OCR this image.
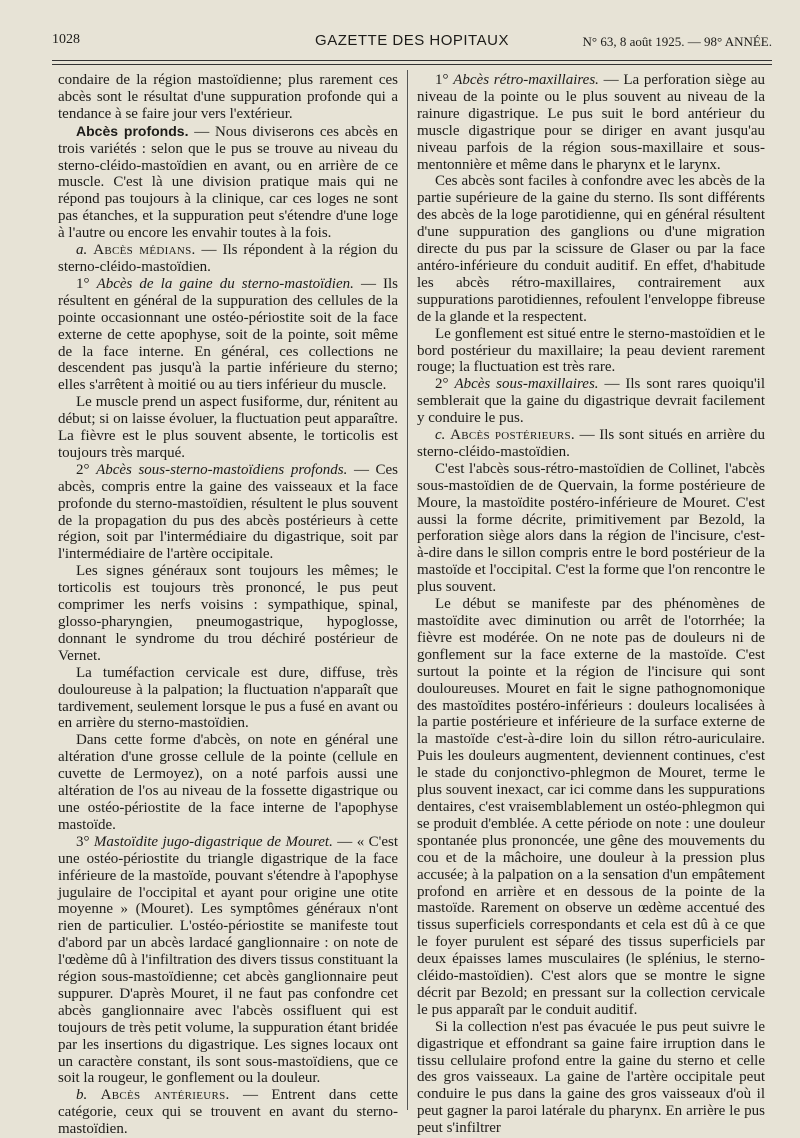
1028	GAZETTE DES HOPITAUX	N° 63, 8 août 1925. — 98° ANNÉE.

condaire de la région mastoïdienne; plus rarement ces abcès sont le résultat d'une suppuration profonde qui a tendance à se faire jour vers l'extérieur.

Abcès profonds. — Nous diviserons ces abcès en trois variétés : selon que le pus se trouve au niveau du sterno-cléido-mastoïdien en avant, ou en arrière de ce muscle. C'est là une division pratique mais qui ne répond pas toujours à la clinique, car ces loges ne sont pas étanches, et la suppuration peut s'étendre d'une loge à l'autre ou encore les envahir toutes à la fois.

a. Abcès médians. — Ils répondent à la région du sterno-cléido-mastoïdien.

1° Abcès de la gaine du sterno-mastoïdien. — Ils résultent en général de la suppuration des cellules de la pointe occasionnant une ostéo-périostite soit de la face externe de cette apophyse, soit de la pointe, soit même de la face interne. En général, ces collections ne descendent pas jusqu'à la partie inférieure du sterno; elles s'arrêtent à moitié ou au tiers inférieur du muscle.

Le muscle prend un aspect fusiforme, dur, rénitent au début; si on laisse évoluer, la fluctuation peut apparaître. La fièvre est le plus souvent absente, le torticolis est toujours très marqué.

2° Abcès sous-sterno-mastoïdiens profonds. — Ces abcès, compris entre la gaine des vaisseaux et la face profonde du sterno-mastoïdien, résultent le plus souvent de la propagation du pus des abcès postérieurs à cette région, soit par l'intermédiaire du digastrique, soit par l'intermédiaire de l'artère occipitale.

Les signes généraux sont toujours les mêmes; le torticolis est toujours très prononcé, le pus peut comprimer les nerfs voisins : sympathique, spinal, glosso-pharyngien, pneumogastrique, hypoglosse, donnant le syndrome du trou déchiré postérieur de Vernet.

La tuméfaction cervicale est dure, diffuse, très douloureuse à la palpation; la fluctuation n'apparaît que tardivement, seulement lorsque le pus a fusé en avant ou en arrière du sterno-mastoïdien.

Dans cette forme d'abcès, on note en général une altération d'une grosse cellule de la pointe (cellule en cuvette de Lermoyez), on a noté parfois aussi une altération de l'os au niveau de la fossette digastrique ou une ostéo-périostite de la face interne de l'apophyse mastoïde.

3° Mastoïdite jugo-digastrique de Mouret. — « C'est une ostéo-périostite du triangle digastrique de la face inférieure de la mastoïde, pouvant s'étendre à l'apophyse jugulaire de l'occipital et ayant pour origine une otite moyenne » (Mouret). Les symptômes généraux n'ont rien de particulier. L'ostéo-périostite se manifeste tout d'abord par un abcès lardacé ganglionnaire : on note de l'œdème dû à l'infiltration des divers tissus constituant la région sous-mastoïdienne; cet abcès ganglionnaire peut suppurer. D'après Mouret, il ne faut pas confondre cet abcès ganglionnaire avec l'abcès ossifluent qui est toujours de très petit volume, la suppuration étant bridée par les insertions du digastrique. Les signes locaux ont un caractère constant, ils sont sous-mastoïdiens, que ce soit la rougeur, le gonflement ou la douleur.

b. Abcès antérieurs. — Entrent dans cette catégorie, ceux qui se trouvent en avant du sterno-mastoïdien.

1° Abcès rétro-maxillaires. — La perforation siège au niveau de la pointe ou le plus souvent au niveau de la rainure digastrique. Le pus suit le bord antérieur du muscle digastrique pour se diriger en avant jusqu'au niveau parfois de la région sous-maxillaire et sous-mentonnière et même dans le pharynx et le larynx.

Ces abcès sont faciles à confondre avec les abcès de la partie supérieure de la gaine du sterno. Ils sont différents des abcès de la loge parotidienne, qui en général résultent d'une suppuration des ganglions ou d'une migration directe du pus par la scissure de Glaser ou par la face antéro-inférieure du conduit auditif. En effet, d'habitude les abcès rétro-maxillaires, contrairement aux suppurations parotidiennes, refoulent l'enveloppe fibreuse de la glande et la respectent.

Le gonflement est situé entre le sterno-mastoïdien et le bord postérieur du maxillaire; la peau devient rarement rouge; la fluctuation est très rare.

2° Abcès sous-maxillaires. — Ils sont rares quoiqu'il semblerait que la gaine du digastrique devrait facilement y conduire le pus.

c. Abcès postérieurs. — Ils sont situés en arrière du sterno-cléido-mastoïdien.

C'est l'abcès sous-rétro-mastoïdien de Collinet, l'abcès sous-mastoïdien de de Quervain, la forme postérieure de Moure, la mastoïdite postéro-inférieure de Mouret. C'est aussi la forme décrite, primitivement par Bezold, la perforation siège alors dans la région de l'incisure, c'est-à-dire dans le sillon compris entre le bord postérieur de la mastoïde et l'occipital. C'est la forme que l'on rencontre le plus souvent.

Le début se manifeste par des phénomènes de mastoïdite avec diminution ou arrêt de l'otorrhée; la fièvre est modérée. On ne note pas de douleurs ni de gonflement sur la face externe de la mastoïde. C'est surtout la pointe et la région de l'incisure qui sont douloureuses. Mouret en fait le signe pathognomonique des mastoïdites postéro-inférieurs : douleurs localisées à la partie postérieure et inférieure de la surface externe de la mastoïde c'est-à-dire loin du sillon rétro-auriculaire. Puis les douleurs augmentent, deviennent continues, c'est le stade du conjonctivo-phlegmon de Mouret, terme le plus souvent inexact, car ici comme dans les suppurations dentaires, c'est vraisemblablement un ostéo-phlegmon qui se produit d'emblée. A cette période on note : une douleur spontanée plus prononcée, une gêne des mouvements du cou et de la mâchoire, une douleur à la pression plus accusée; à la palpation on a la sensation d'un empâtement profond en arrière et en dessous de la pointe de la mastoïde. Rarement on observe un œdème accentué des tissus superficiels correspondants et cela est dû à ce que le foyer purulent est séparé des tissus superficiels par deux épaisses lames musculaires (le splénius, le sterno-cléido-mastoïdien). C'est alors que se montre le signe décrit par Bezold; en pressant sur la collection cervicale le pus apparaît par le conduit auditif.

Si la collection n'est pas évacuée le pus peut suivre le digastrique et effondrant sa gaine faire irruption dans le tissu cellulaire profond entre la gaine du sterno et celle des gros vaisseaux. La gaine de l'artère occipitale peut conduire le pus dans la gaine des gros vaisseaux d'où il peut gagner la paroi latérale du pharynx. En arrière le pus peut s'infiltrer
